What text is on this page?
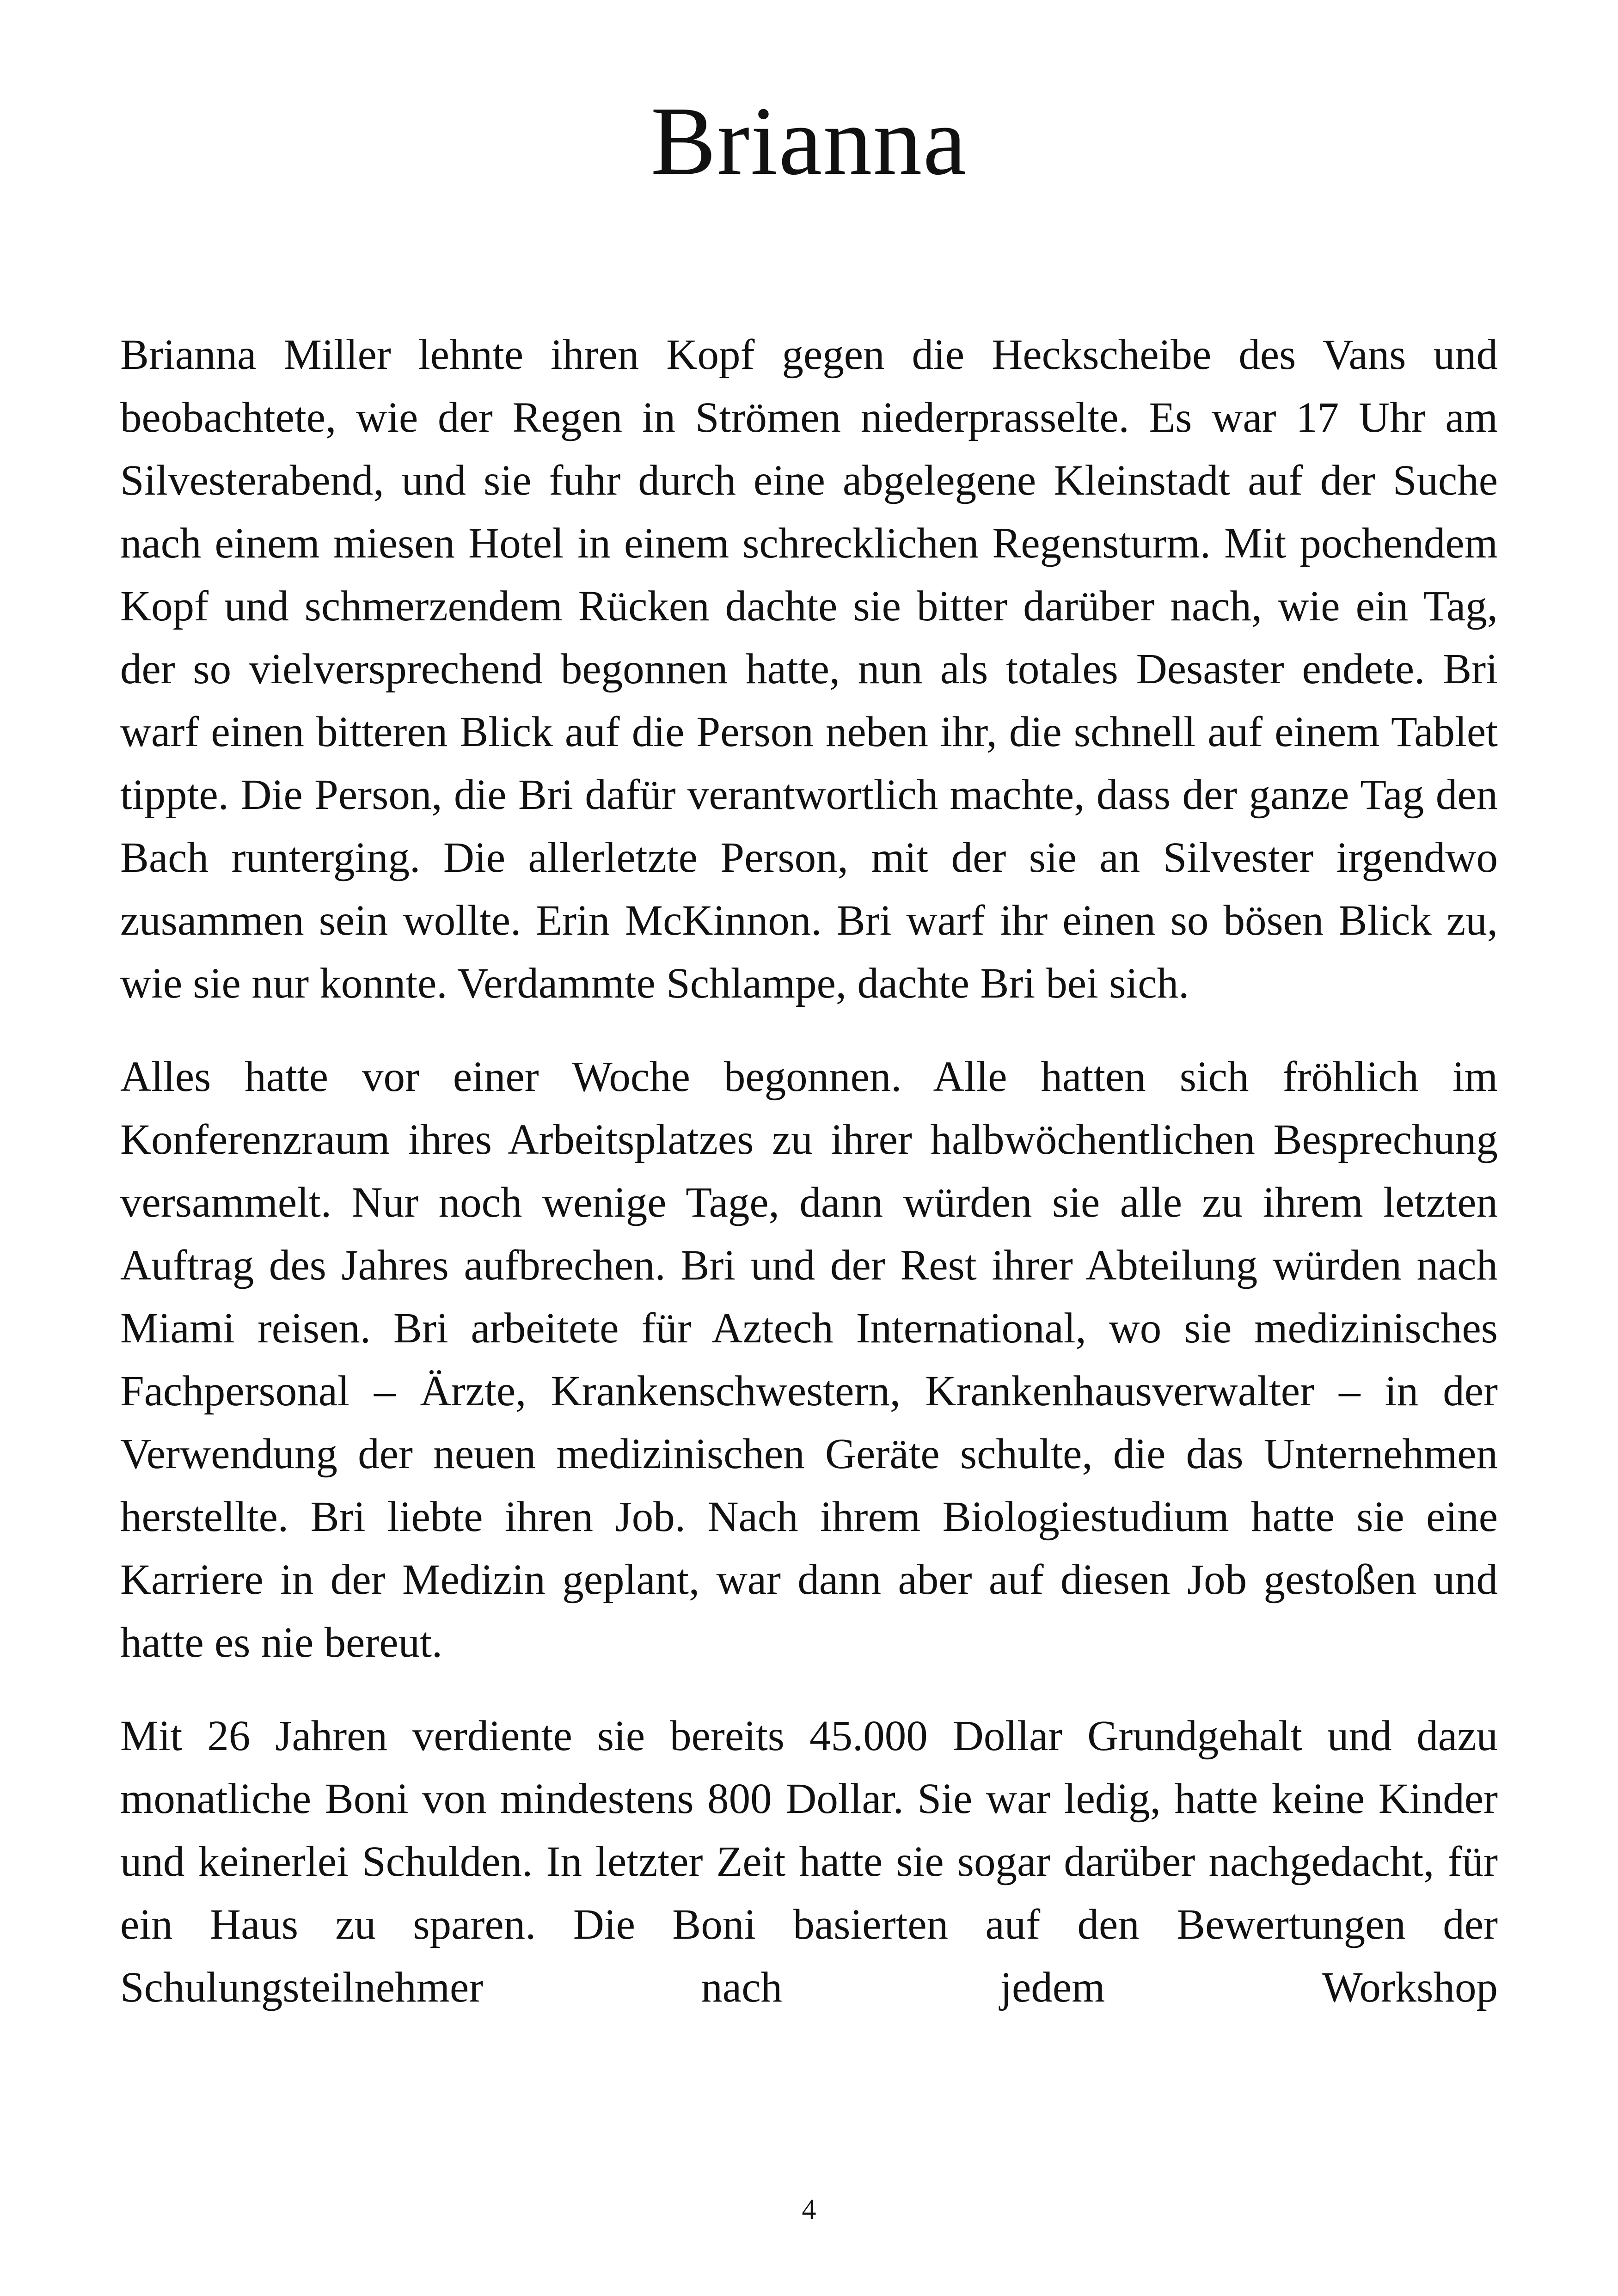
Brianna

Brianna Miller lehnte ihren Kopf gegen die Heckscheibe des Vans und beobachtete, wie der Regen in Strömen niederprasselte. Es war 17 Uhr am Silvesterabend, und sie fuhr durch eine abgelegene Kleinstadt auf der Suche nach einem miesen Hotel in einem schrecklichen Regensturm. Mit pochendem Kopf und schmerzendem Rücken dachte sie bitter darüber nach, wie ein Tag, der so vielversprechend begonnen hatte, nun als totales Desaster endete. Bri warf einen bitteren Blick auf die Person neben ihr, die schnell auf einem Tablet tippte. Die Person, die Bri dafür verantwortlich machte, dass der ganze Tag den Bach runterging. Die allerletzte Person, mit der sie an Silvester irgendwo zusammen sein wollte. Erin McKinnon. Bri warf ihr einen so bösen Blick zu, wie sie nur konnte. Verdammte Schlampe, dachte Bri bei sich.

Alles hatte vor einer Woche begonnen. Alle hatten sich fröhlich im Konferenzraum ihres Arbeitsplatzes zu ihrer halbwöchentlichen Besprechung versammelt. Nur noch wenige Tage, dann würden sie alle zu ihrem letzten Auftrag des Jahres aufbrechen. Bri und der Rest ihrer Abteilung würden nach Miami reisen. Bri arbeitete für Aztech International, wo sie medizinisches Fachpersonal – Ärzte, Krankenschwestern, Krankenhausverwalter – in der Verwendung der neuen medizinischen Geräte schulte, die das Unternehmen herstellte. Bri liebte ihren Job. Nach ihrem Biologiestudium hatte sie eine Karriere in der Medizin geplant, war dann aber auf diesen Job gestoßen und hatte es nie bereut.

Mit 26 Jahren verdiente sie bereits 45.000 Dollar Grundgehalt und dazu monatliche Boni von mindestens 800 Dollar. Sie war ledig, hatte keine Kinder und keinerlei Schulden. In letzter Zeit hatte sie sogar darüber nachgedacht, für ein Haus zu sparen. Die Boni basierten auf den Bewertungen der Schulungsteilnehmer nach jedem Workshop

4
